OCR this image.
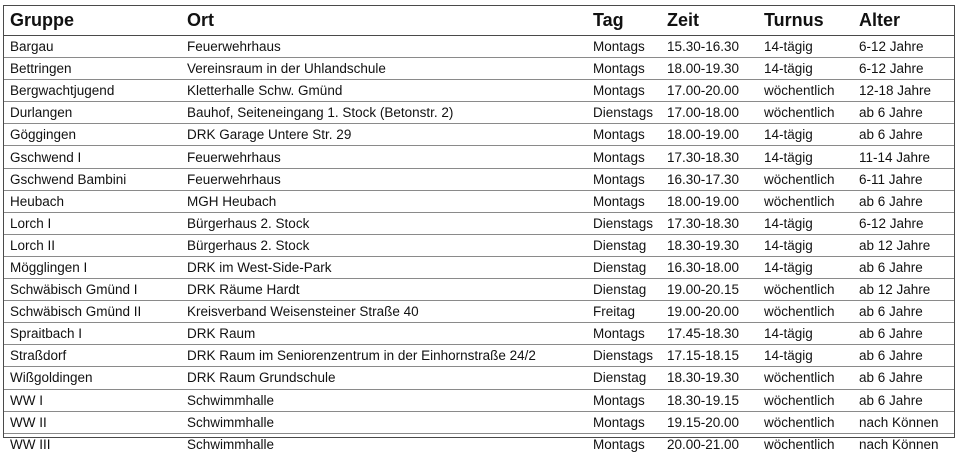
Gruppe	Ort	Tag	Zeit	Turnus	Alter
Bargau	Feuerwehrhaus	Montags	15.30-16.30	14-tägig	6-12 Jahre
Bettringen	Vereinsraum in der Uhlandschule	Montags	18.00-19.30	14-tägig	6-12 Jahre
Bergwachtjugend	Kletterhalle Schw. Gmünd	Montags	17.00-20.00	wöchentlich	12-18 Jahre
Durlangen	Bauhof, Seiteneingang 1. Stock (Betonstr. 2)	Dienstags	17.00-18.00	wöchentlich	ab 6 Jahre
Göggingen	DRK Garage Untere Str. 29	Montags	18.00-19.00	14-tägig	ab 6 Jahre
Gschwend I	Feuerwehrhaus	Montags	17.30-18.30	14-tägig	11-14 Jahre
Gschwend Bambini	Feuerwehrhaus	Montags	16.30-17.30	wöchentlich	6-11 Jahre
Heubach	MGH Heubach	Montags	18.00-19.00	wöchentlich	ab 6 Jahre
Lorch I	Bürgerhaus 2. Stock	Dienstags	17.30-18.30	14-tägig	6-12 Jahre
Lorch II	Bürgerhaus 2. Stock	Dienstag	18.30-19.30	14-tägig	ab 12 Jahre
Mögglingen I	DRK im West-Side-Park	Dienstag	16.30-18.00	14-tägig	ab 6 Jahre
Schwäbisch Gmünd I	DRK Räume Hardt	Dienstag	19.00-20.15	wöchentlich	ab 12 Jahre
Schwäbisch Gmünd II	Kreisverband Weisensteiner Straße 40	Freitag	19.00-20.00	wöchentlich	ab 6 Jahre
Spraitbach I	DRK Raum	Montags	17.45-18.30	14-tägig	ab 6 Jahre
Straßdorf	DRK Raum im Seniorenzentrum in der Einhornstraße 24/2	Dienstags	17.15-18.15	14-tägig	ab 6 Jahre
Wißgoldingen	DRK Raum Grundschule	Dienstag	18.30-19.30	wöchentlich	ab 6 Jahre
WW I	Schwimmhalle	Montags	18.30-19.15	wöchentlich	ab 6 Jahre
WW II	Schwimmhalle	Montags	19.15-20.00	wöchentlich	nach Können
WW III	Schwimmhalle	Montags	20.00-21.00	wöchentlich	nach Können
